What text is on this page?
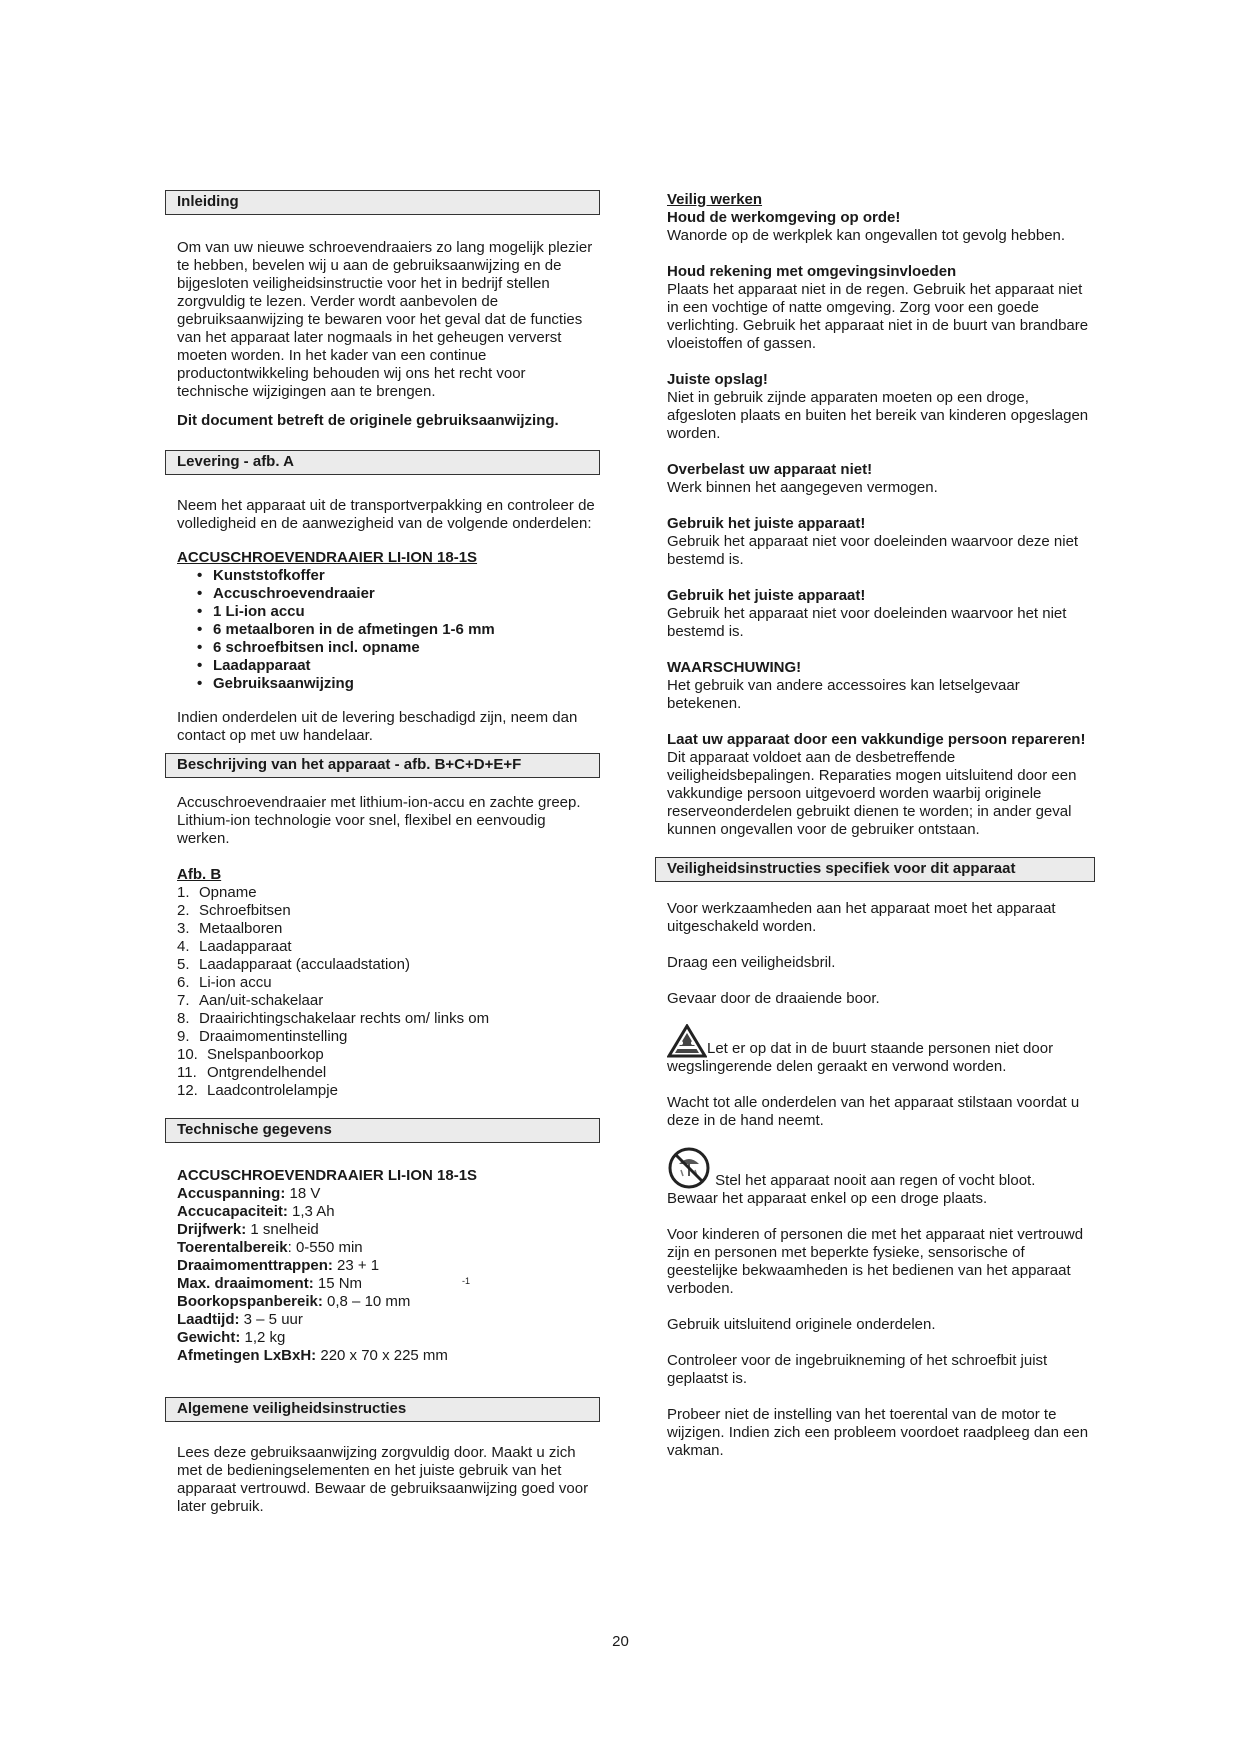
Inleiding

Om van uw nieuwe schroevendraaiers zo lang mogelijk plezier te hebben, bevelen wij u aan de gebruiksaanwijzing en de bijgesloten veiligheidsinstructie voor het in bedrijf stellen zorgvuldig te lezen. Verder wordt aanbevolen de gebruiksaanwijzing te bewaren voor het geval dat de functies van het apparaat later nogmaals in het geheugen ververst moeten worden. In het kader van een continue productontwikkeling behouden wij ons het recht voor technische wijzigingen aan te brengen.

Dit document betreft de originele gebruiksaanwijzing.

Levering - afb. A

Neem het apparaat uit de transportverpakking en controleer de volledigheid en de aanwezigheid van de volgende onderdelen:

ACCUSCHROEVENDRAAIER LI-ION 18-1S

• Kunststofkoffer
• Accuschroevendraaier
• 1 Li-ion accu
• 6 metaalboren in de afmetingen 1-6 mm
• 6 schroefbitsen incl. opname
• Laadapparaat
• Gebruiksaanwijzing

Indien onderdelen uit de levering beschadigd zijn, neem dan contact op met uw handelaar.

Beschrijving van het apparaat - afb. B+C+D+E+F

Accuschroevendraaier met lithium-ion-accu en zachte greep. Lithium-ion technologie voor snel, flexibel en eenvoudig werken.

Afb. B

1. Opname
2. Schroefbitsen
3. Metaalboren
4. Laadapparaat
5. Laadapparaat (acculaadstation)
6. Li-ion accu
7. Aan/uit-schakelaar
8. Draairichtingschakelaar rechts om/ links om
9. Draaimomentinstelling
10. Snelspanboorkop
11. Ontgrendelhendel
12. Laadcontrolelampje
Technische gegevens

ACCUSCHROEVENDRAAIER LI-ION 18-1S

Accuspanning: 18 V
Accucapaciteit: 1,3 Ah
Drijfwerk: 1 snelheid
Toerentalbereik: 0-550 min
Draaimomenttrappen: 23 + 1
Max. draaimoment: 15 Nm
Boorkopspanbereik: 0,8 – 10 mm
Laadtijd: 3 – 5 uur
Gewicht: 1,2 kg
Afmetingen LxBxH: 220 x 70 x 225 mm
Algemene veiligheidsinstructies

Lees deze gebruiksaanwijzing zorgvuldig door. Maakt u zich met de bedieningselementen en het juiste gebruik van het apparaat vertrouwd. Bewaar de gebruiksaanwijzing goed voor later gebruik.

-1

Veilig werken

Houd de werkomgeving op orde!

Wanorde op de werkplek kan ongevallen tot gevolg hebben.

Houd rekening met omgevingsinvloeden

Plaats het apparaat niet in de regen. Gebruik het apparaat niet in een vochtige of natte omgeving. Zorg voor een goede verlichting. Gebruik het apparaat niet in de buurt van brandbare vloeistoffen of gassen.

Juiste opslag!

Niet in gebruik zijnde apparaten moeten op een droge, afgesloten plaats en buiten het bereik van kinderen opgeslagen worden.

Overbelast uw apparaat niet!

Werk binnen het aangegeven vermogen.

Gebruik het juiste apparaat!

Gebruik het apparaat niet voor doeleinden waarvoor deze niet bestemd is.

Gebruik het juiste apparaat!

Gebruik het apparaat niet voor doeleinden waarvoor het niet bestemd is.

WAARSCHUWING!

Het gebruik van andere accessoires kan letselgevaar betekenen.

Laat uw apparaat door een vakkundige persoon repareren!

Dit apparaat voldoet aan de desbetreffende veiligheidsbepalingen. Reparaties mogen uitsluitend door een vakkundige persoon uitgevoerd worden waarbij originele reserveonderdelen gebruikt dienen te worden; in ander geval kunnen ongevallen voor de gebruiker ontstaan.

Veiligheidsinstructies specifiek voor dit apparaat

Voor werkzaamheden aan het apparaat moet het apparaat uitgeschakeld worden.

Draag een veiligheidsbril.

Gevaar door de draaiende boor.

Let er op dat in de buurt staande personen niet door wegslingerende delen geraakt en verwond worden.

Wacht tot alle onderdelen van het apparaat stilstaan voordat u deze in de hand neemt.

Stel het apparaat nooit aan regen of vocht bloot.

Bewaar het apparaat enkel op een droge plaats.

Voor kinderen of personen die met het apparaat niet vertrouwd zijn en personen met beperkte fysieke, sensorische of geestelijke bekwaamheden is het bedienen van het apparaat verboden.

Gebruik uitsluitend originele onderdelen.

Controleer voor de ingebruikneming of het schroefbit juist geplaatst is.

Probeer niet de instelling van het toerental van de motor te wijzigen. Indien zich een probleem voordoet raadpleeg dan een vakman.

20
